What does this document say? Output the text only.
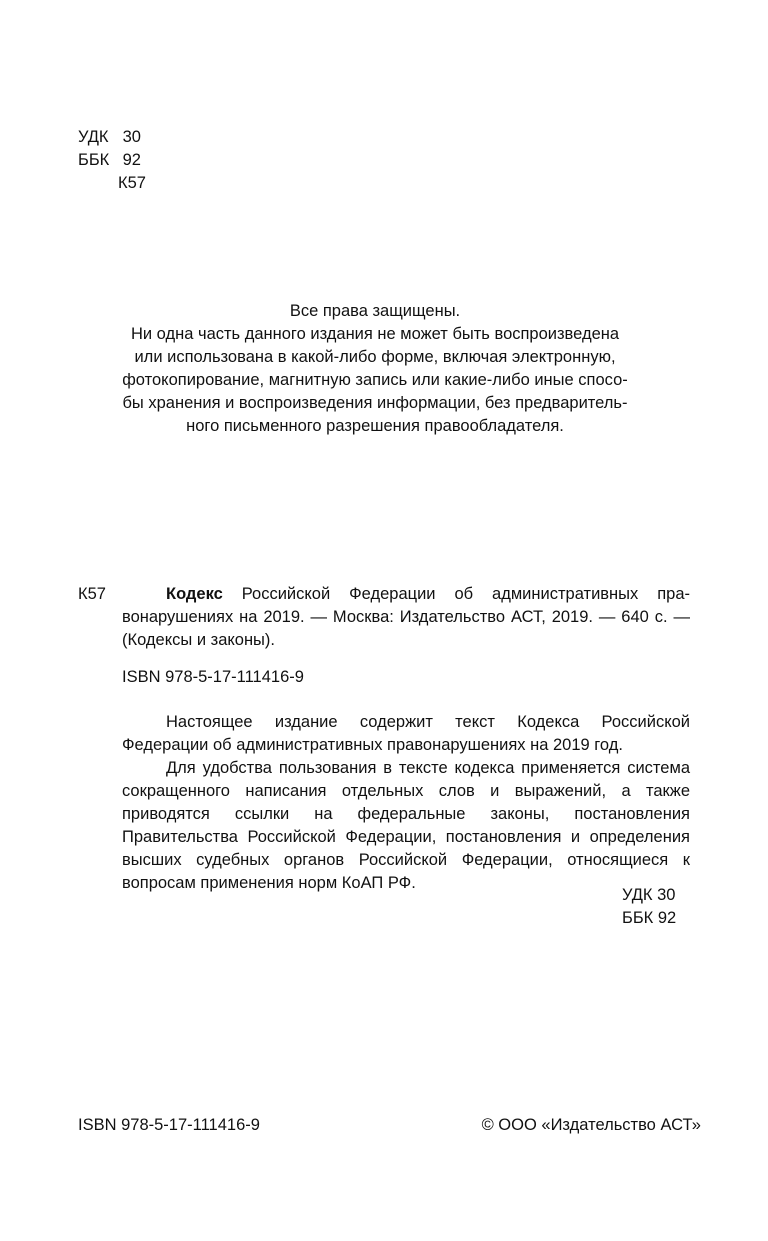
УДК 30
ББК 92
К57
Все права защищены.
Ни одна часть данного издания не может быть воспроизведена
или использована в какой-либо форме, включая электронную,
фотокопирование, магнитную запись или какие-либо иные спосо-
бы хранения и воспроизведения информации, без предваритель-
ного письменного разрешения правообладателя.
К57	Кодекс Российской Федерации об административных пра-вонарушениях на 2019. — Москва: Издательство АСТ, 2019. — 640 с. — (Кодексы и законы).
ISBN 978-5-17-111416-9

Настоящее издание содержит текст Кодекса Российской Федерации об административных правонарушениях на 2019 год.

Для удобства пользования в тексте кодекса применяется система сокращенного написания отдельных слов и выражений, а также приводятся ссылки на федеральные законы, постановления Правительства Российской Федерации, постановления и определения высших судебных органов Российской Федерации, относящиеся к вопросам применения норм КоАП РФ.

УДК 30
ББК 92
ISBN 978-5-17-111416-9	© ООО «Издательство АСТ»
